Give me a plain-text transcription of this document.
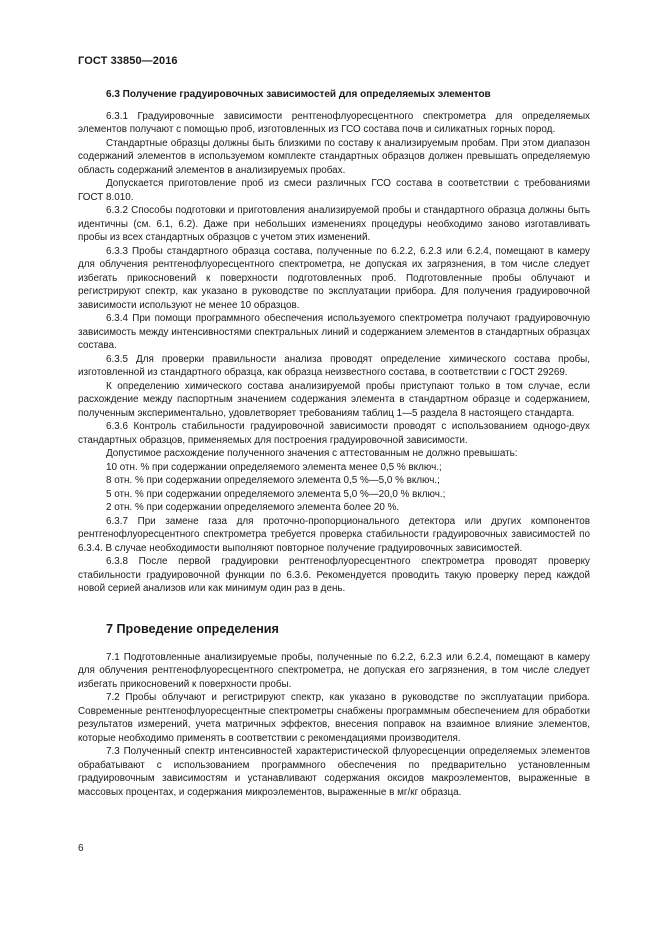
ГОСТ 33850—2016
6.3 Получение градуировочных зависимостей для определяемых элементов

6.3.1 Градуировочные зависимости рентгенофлуоресцентного спектрометра для определяемых элементов получают с помощью проб, изготовленных из ГСО состава почв и силикатных горных пород.

Стандартные образцы должны быть близкими по составу к анализируемым пробам. При этом диапазон содержаний элементов в используемом комплекте стандартных образцов должен превышать определяемую область содержаний элементов в анализируемых пробах.

Допускается приготовление проб из смеси различных ГСО состава в соответствии с требованиями ГОСТ 8.010.

6.3.2 Способы подготовки и приготовления анализируемой пробы и стандартного образца должны быть идентичны (см. 6.1, 6.2). Даже при небольших изменениях процедуры необходимо заново изготавливать пробы из всех стандартных образцов с учетом этих изменений.

6.3.3 Пробы стандартного образца состава, полученные по 6.2.2, 6.2.3 или 6.2.4, помещают в камеру для облучения рентгенофлуоресцентного спектрометра, не допуская их загрязнения, в том числе следует избегать прикосновений к поверхности подготовленных проб. Подготовленные пробы облучают и регистрируют спектр, как указано в руководстве по эксплуатации прибора. Для получения градуировочной зависимости используют не менее 10 образцов.

6.3.4 При помощи программного обеспечения используемого спектрометра получают градуировочную зависимость между интенсивностями спектральных линий и содержанием элементов в стандартных образцах состава.

6.3.5 Для проверки правильности анализа проводят определение химического состава пробы, изготовленной из стандартного образца, как образца неизвестного состава, в соответствии с ГОСТ 29269.

К определению химического состава анализируемой пробы приступают только в том случае, если расхождение между паспортным значением содержания элемента в стандартном образце и содержанием, полученным экспериментально, удовлетворяет требованиям таблиц 1—5 раздела 8 настоящего стандарта.

6.3.6 Контроль стабильности градуировочной зависимости проводят с использованием однogo-двух стандартных образцов, применяемых для построения градуировочной зависимости.

Допустимое расхождение полученного значения с аттестованным не должно превышать:

10 отн. % при содержании определяемого элемента менее 0,5 % включ.;

8 отн. % при содержании определяемого элемента 0,5 %—5,0 % включ.;

5 отн. % при содержании определяемого элемента 5,0 %—20,0 % включ.;

2 отн. % при содержании определяемого элемента более 20 %.

6.3.7 При замене газа для проточно-пропорционального детектора или других компонентов рентгенофлуоресцентного спектрометра требуется проверка стабильности градуировочных зависимостей по 6.3.4. В случае необходимости выполняют повторное получение градуировочных зависимостей.

6.3.8 После первой градуировки рентгенофлуоресцентного спектрометра проводят проверку стабильности градуировочной функции по 6.3.6. Рекомендуется проводить такую проверку перед каждой новой серией анализов или как минимум один раз в день.

7 Проведение определения

7.1 Подготовленные анализируемые пробы, полученные по 6.2.2, 6.2.3 или 6.2.4, помещают в камеру для облучения рентгенофлуоресцентного спектрометра, не допуская его загрязнения, в том числе следует избегать прикосновений к поверхности пробы.

7.2 Пробы облучают и регистрируют спектр, как указано в руководстве по эксплуатации прибора. Современные рентгенофлуоресцентные спектрометры снабжены программным обеспечением для обработки результатов измерений, учета матричных эффектов, внесения поправок на взаимное влияние элементов, которые необходимо применять в соответствии с рекомендациями производителя.

7.3 Полученный спектр интенсивностей характеристической флуоресценции определяемых элементов обрабатывают с использованием программного обеспечения по предварительно установленным градуировочным зависимостям и устанавливают содержания оксидов макроэлементов, выраженные в массовых процентах, и содержания микроэлементов, выраженные в мг/кг образца.

6
